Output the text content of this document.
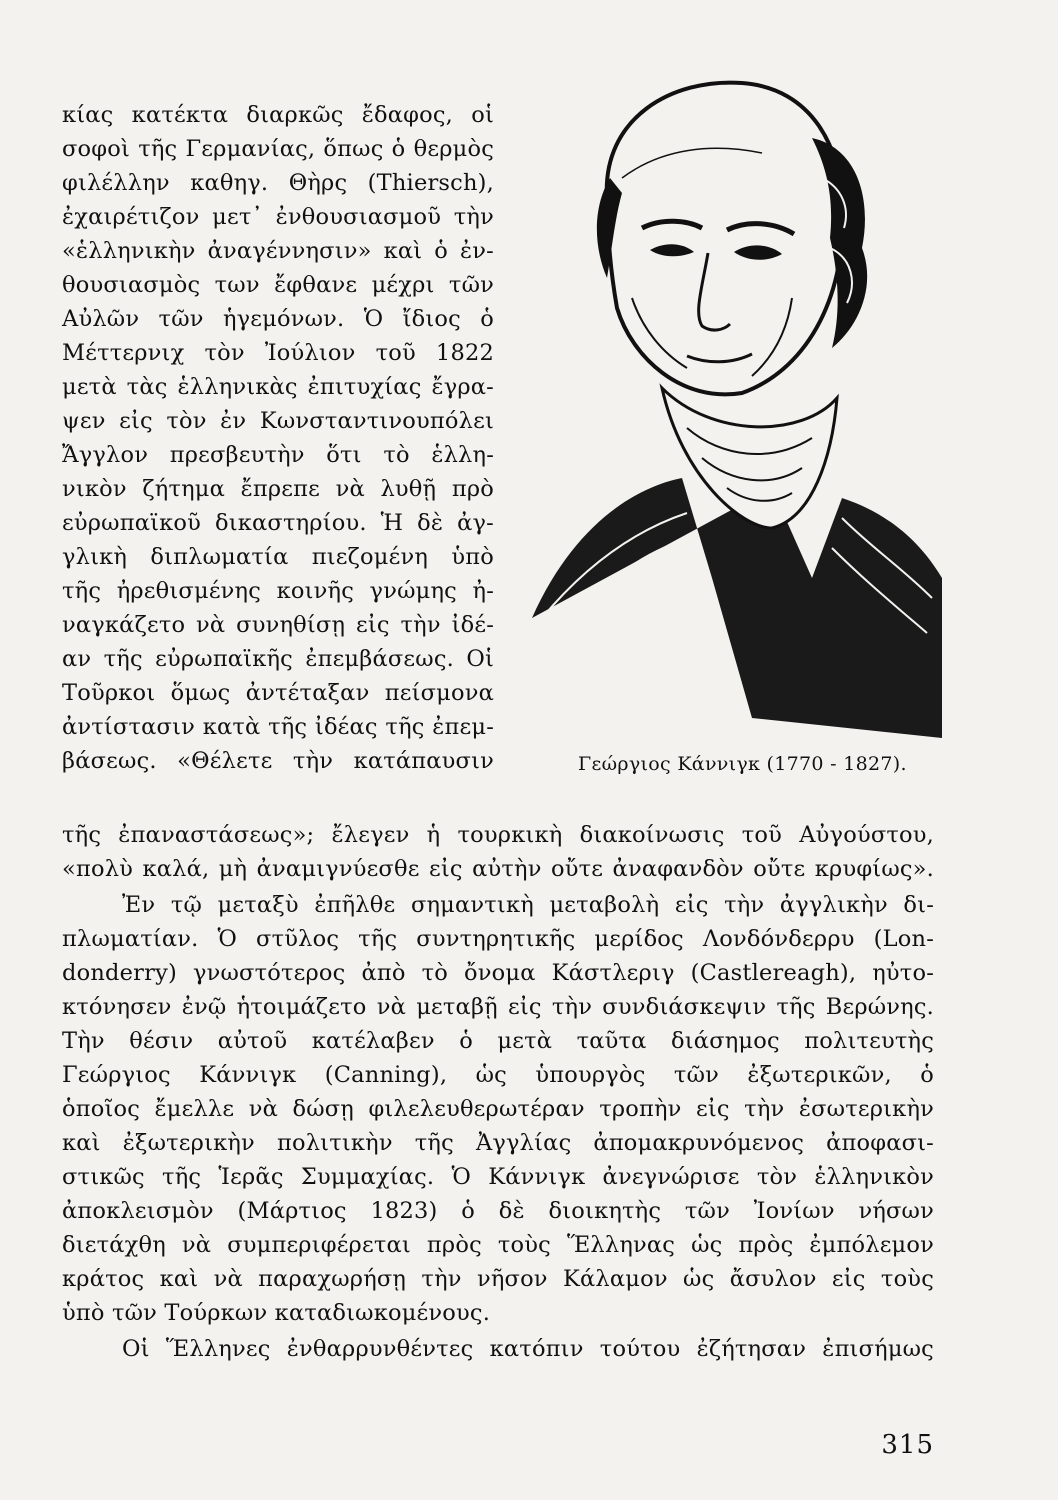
κίας κατέκτα διαρκῶς ἔδαφος, οἱ
σοφοὶ τῆς Γερμανίας, ὅπως ὁ θερμὸς
φιλέλλην καθηγ. Θὴρς (Thiersch),
ἐχαιρέτιζον μετ᾽ ἐνθουσιασμοῦ τὴν
«ἑλληνικὴν ἀναγέννησιν» καὶ ὁ ἐν-
θουσιασμὸς των ἔφθανε μέχρι τῶν
Αὐλῶν τῶν ἡγεμόνων. Ὁ ἴδιος ὁ
Μέττερνιχ τὸν Ἰούλιον τοῦ 1822
μετὰ τὰς ἑλληνικὰς ἐπιτυχίας ἔγρα-
ψεν εἰς τὸν ἐν Κωνσταντινουπόλει
Ἄγγλον πρεσβευτὴν ὅτι τὸ ἑλλη-
νικὸν ζήτημα ἔπρεπε νὰ λυθῇ πρὸ
εὐρωπαϊκοῦ δικαστηρίου. Ἡ δὲ ἀγ-
γλικὴ διπλωματία πιεζομένη ὑπὸ
τῆς ἠρεθισμένης κοινῆς γνώμης ἠ-
ναγκάζετο νὰ συνηθίσῃ εἰς τὴν ἰδέ-
αν τῆς εὐρωπαϊκῆς ἐπεμβάσεως. Οἱ
Τοῦρκοι ὅμως ἀντέταξαν πείσμονα
ἀντίστασιν κατὰ τῆς ἰδέας τῆς ἐπεμ-
βάσεως. «Θέλετε τὴν κατάπαυσιν	Γεώργιος Κάννιγκ (1770 - 1827).
τῆς ἐπαναστάσεως»; ἔλεγεν ἡ τουρκικὴ διακοίνωσις τοῦ Αὐγούστου,
«πολὺ καλά, μὴ ἀναμιγνύεσθε εἰς αὐτὴν οὔτε ἀναφανδὸν οὔτε κρυφίως».
Ἐν τῷ μεταξὺ ἐπῆλθε σημαντικὴ μεταβολὴ εἰς τὴν ἀγγλικὴν δι-
πλωματίαν. Ὁ στῦλος τῆς συντηρητικῆς μερίδος Λονδόνδερρυ (Lon-
donderry) γνωστότερος ἀπὸ τὸ ὄνομα Κάστλεριγ (Castlereagh), ηὐτο-
κτόνησεν ἐνῷ ἡτοιμάζετο νὰ μεταβῇ εἰς τὴν συνδιάσκεψιν τῆς Βερώνης.
Τὴν θέσιν αὐτοῦ κατέλαβεν ὁ μετὰ ταῦτα διάσημος πολιτευτὴς
Γεώργιος Κάννιγκ (Canning), ὡς ὑπουργὸς τῶν ἐξωτερικῶν, ὁ
ὁποῖος ἔμελλε νὰ δώσῃ φιλελευθερωτέραν τροπὴν εἰς τὴν ἐσωτερικὴν
καὶ ἐξωτερικὴν πολιτικὴν τῆς Ἀγγλίας ἀπομακρυνόμενος ἀποφασι-
στικῶς τῆς Ἱερᾶς Συμμαχίας. Ὁ Κάννιγκ ἀνεγνώρισε τὸν ἑλληνικὸν
ἀποκλεισμὸν (Μάρτιος 1823) ὁ δὲ διοικητὴς τῶν Ἰονίων νήσων
διετάχθη νὰ συμπεριφέρεται πρὸς τοὺς Ἕλληνας ὡς πρὸς ἐμπόλεμον
κράτος καὶ νὰ παραχωρήσῃ τὴν νῆσον Κάλαμον ὡς ἄσυλον εἰς τοὺς
ὑπὸ τῶν Τούρκων καταδιωκομένους.
Οἱ Ἕλληνες ἐνθαρρυνθέντες κατόπιν τούτου ἐζήτησαν ἐπισήμως
315
